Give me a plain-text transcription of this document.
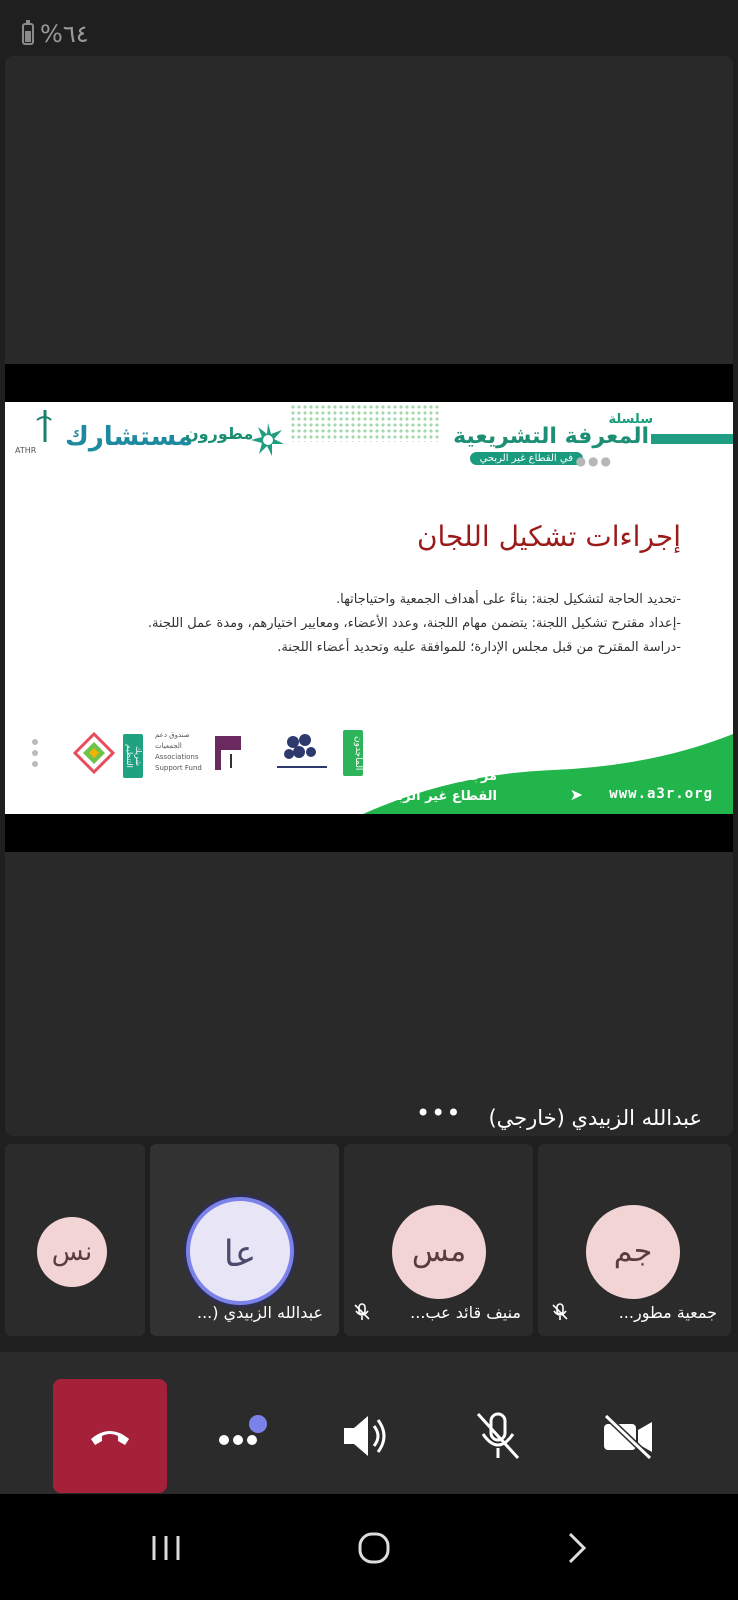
%٦٤
سلسلة
المعرفة التشريعية
في القطاع غير الربحي ●●●
ATHR مستشارك
مطورون
إجراءات تشكيل اللجان

-تحديد الحاجة لتشكيل لجنة: بناءً على أهداف الجمعية واحتياجاتها.

-إعداد مقترح تشكيل اللجنة: يتضمن مهام اللجنة، وعدد الأعضاء، ومعايير اختيارهم، ومدة عمل اللجنة.

-دراسة المقترح من قبل مجلس الإدارة؛ للموافقة عليه وتحديد أعضاء اللجنة.

مرجعيتك لتطوير
القطاع غير الربحي	➤ www.a3r.org
الماجدون
صندوق دعم الجمعيات Associations Support Fund
شريك التنظيم
عبدالله الزبيدي (خارجي)
•••
جم
جمعية مطور...
مس
منيف قائد عب...
عا
عبدالله الزبيدي (...
نس
